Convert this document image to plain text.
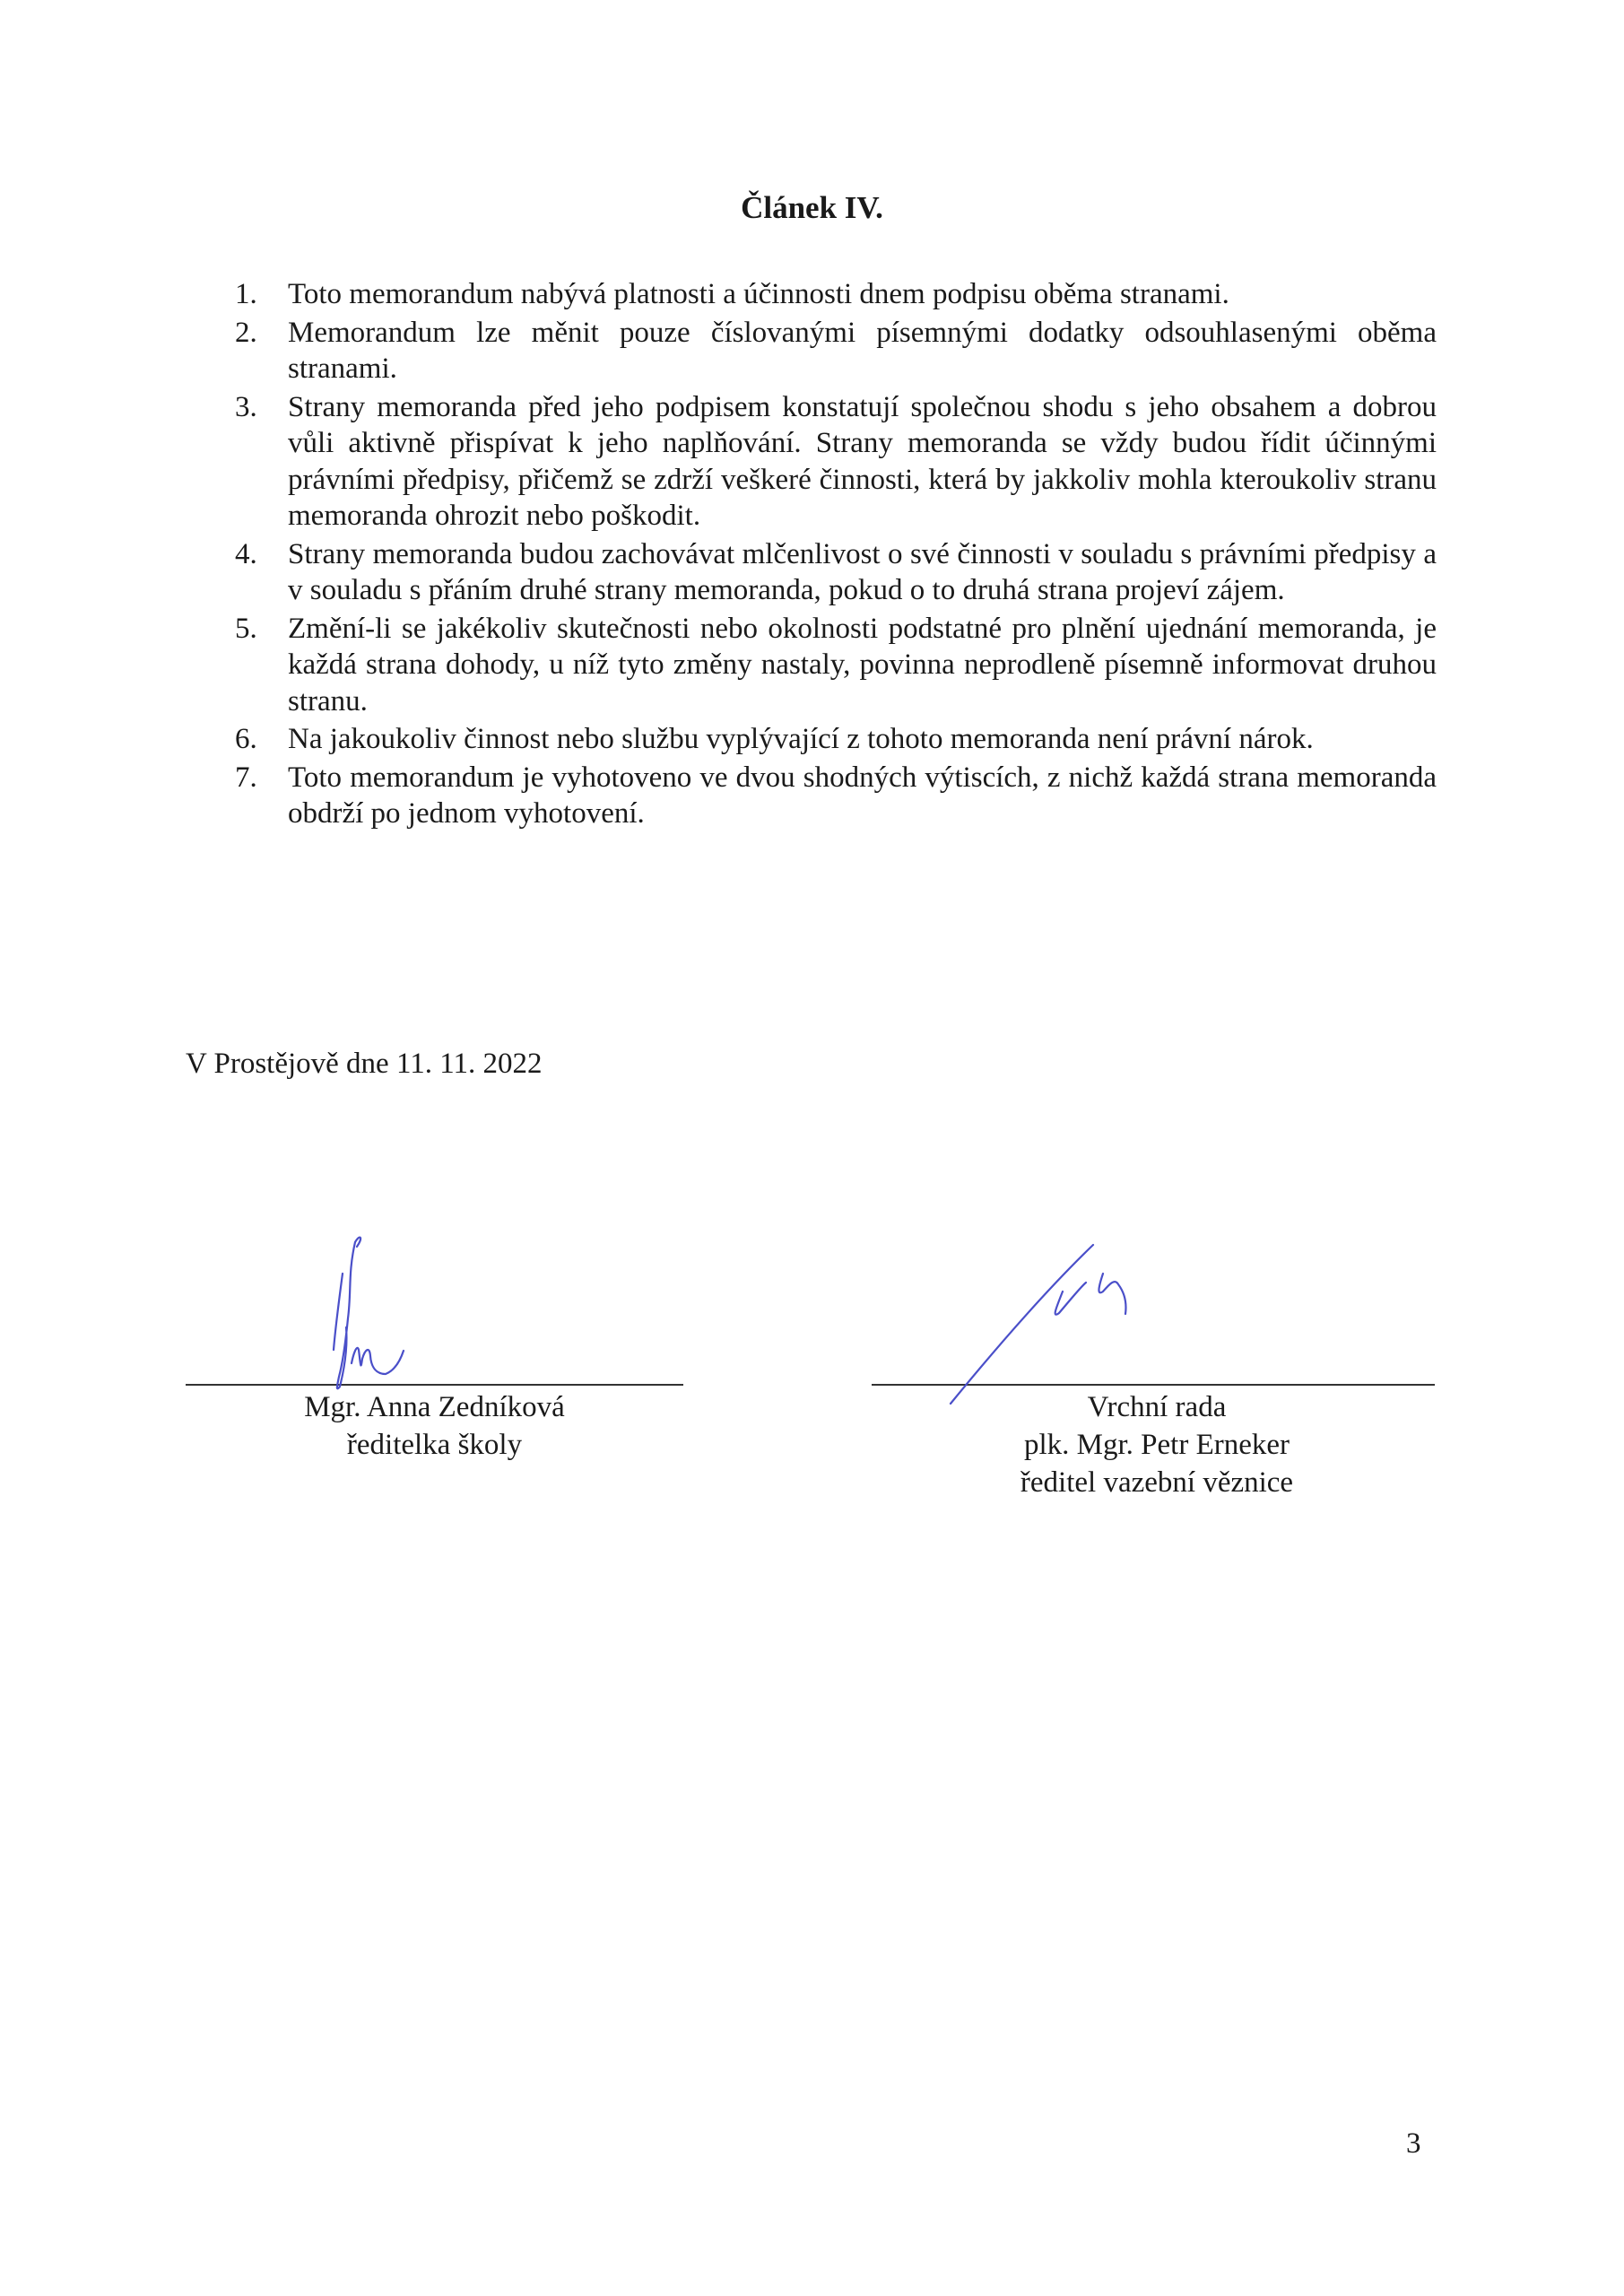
Článek IV.
1. Toto memorandum nabývá platnosti a účinnosti dnem podpisu oběma stranami.
2. Memorandum lze měnit pouze číslovanými písemnými dodatky odsouhlasenými oběma stranami.
3. Strany memoranda před jeho podpisem konstatují společnou shodu s jeho obsahem a dobrou vůli aktivně přispívat k jeho naplňování. Strany memoranda se vždy budou řídit účinnými právními předpisy, přičemž se zdrží veškeré činnosti, která by jakkoliv mohla kteroukoliv stranu memoranda ohrozit nebo poškodit.
4. Strany memoranda budou zachovávat mlčenlivost o své činnosti v souladu s právními předpisy a v souladu s přáním druhé strany memoranda, pokud o to druhá strana projeví zájem.
5. Změní-li se jakékoliv skutečnosti nebo okolnosti podstatné pro plnění ujednání memoranda, je každá strana dohody, u níž tyto změny nastaly, povinna neprodleně písemně informovat druhou stranu.
6. Na jakoukoliv činnost nebo službu vyplývající z tohoto memoranda není právní nárok.
7. Toto memorandum je vyhotoveno ve dvou shodných výtiscích, z nichž každá strana memoranda obdrží po jednom vyhotovení.
V Prostějově dne 11. 11. 2022
Mgr. Anna Zedníková
ředitelka školy
Vrchní rada
plk. Mgr. Petr Erneker
ředitel vazební věznice
3
